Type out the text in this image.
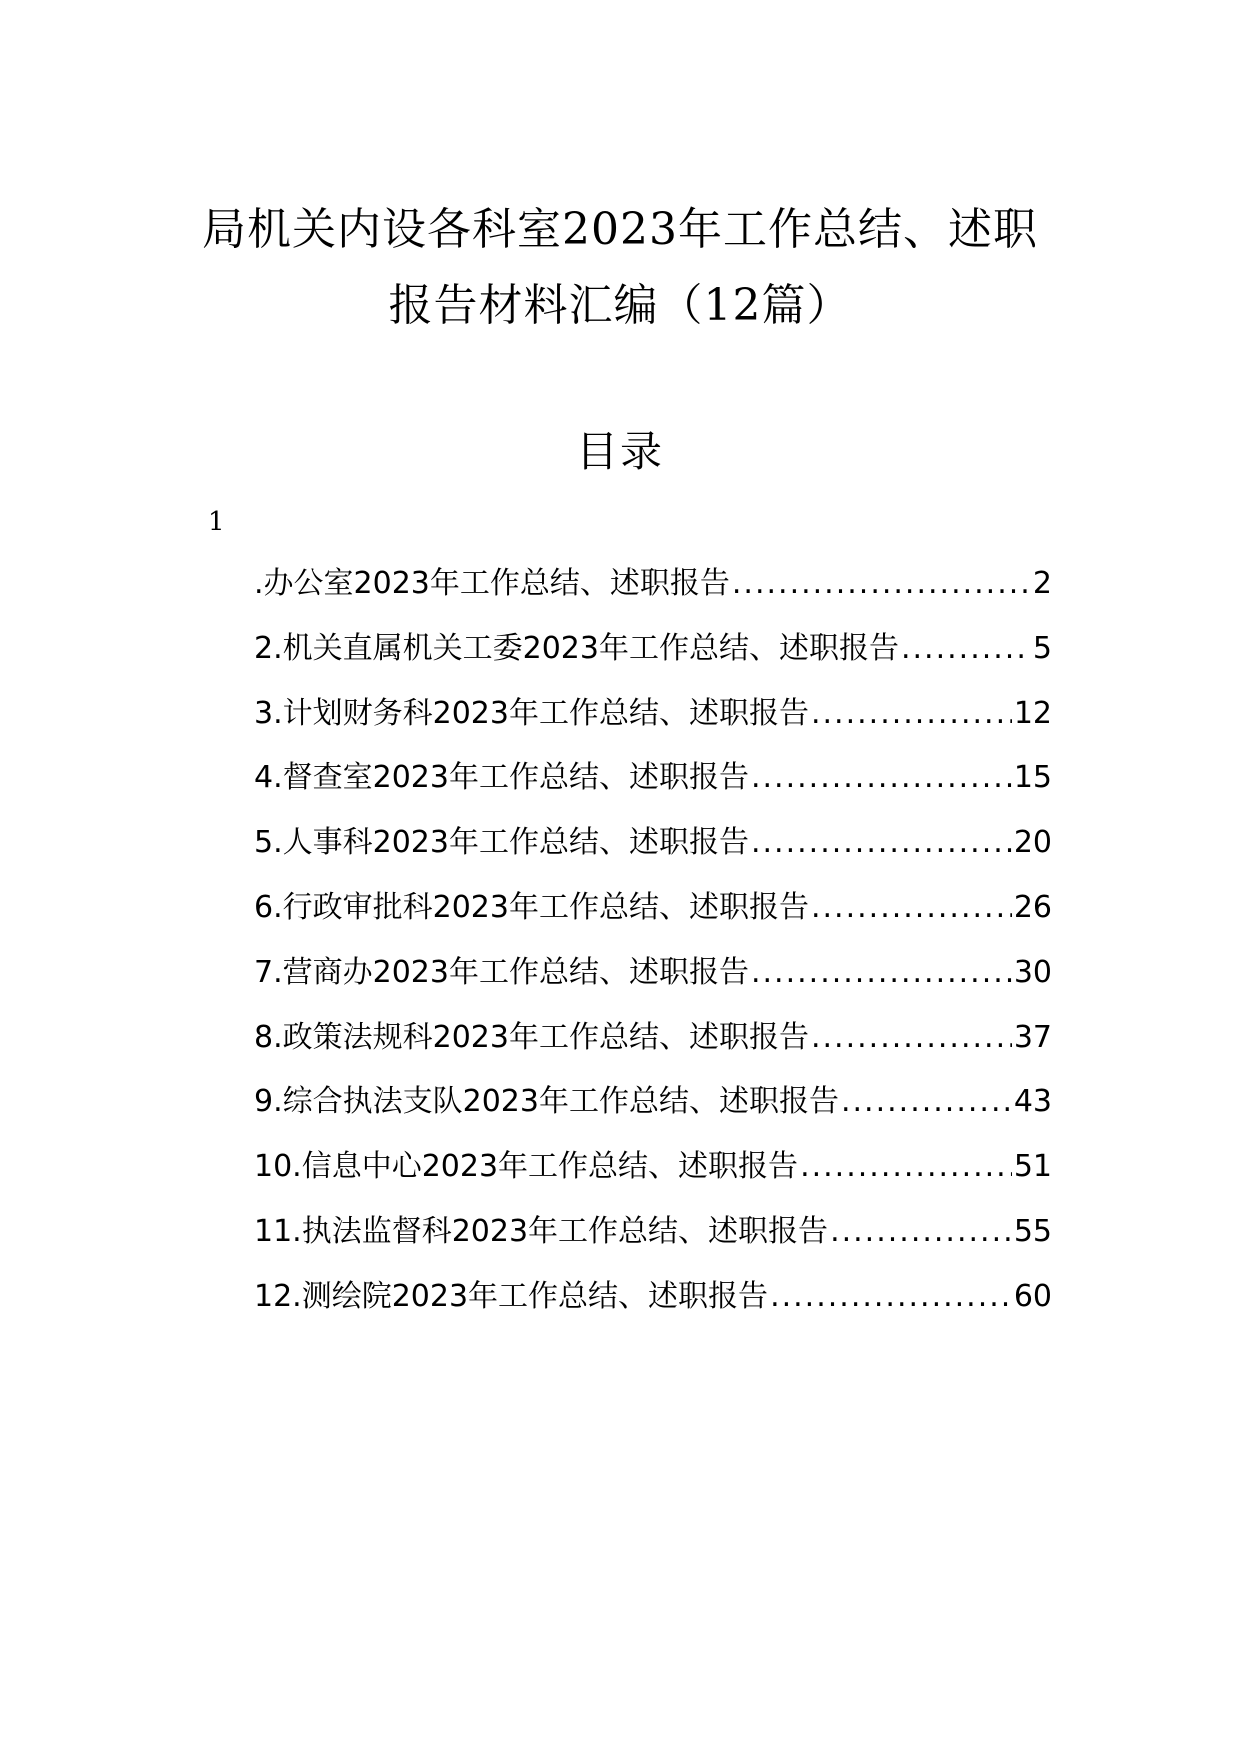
局机关内设各科室2023年工作总结、述职
报告材料汇编（12篇）
目录
1
.办公室2023年工作总结、述职报告 .....	2
2.机关直属机关工委2023年工作总结、述职报告 .....	5
3.计划财务科2023年工作总结、述职报告 .....	12
4.督查室2023年工作总结、述职报告 .....	15
5.人事科2023年工作总结、述职报告 .....	20
6.行政审批科2023年工作总结、述职报告 .....	26
7.营商办2023年工作总结、述职报告 .....	30
8.政策法规科2023年工作总结、述职报告 .....	37
9.综合执法支队2023年工作总结、述职报告 .....	43
10.信息中心2023年工作总结、述职报告 .....	51
11.执法监督科2023年工作总结、述职报告 .....	55
12.测绘院2023年工作总结、述职报告 .....	60
